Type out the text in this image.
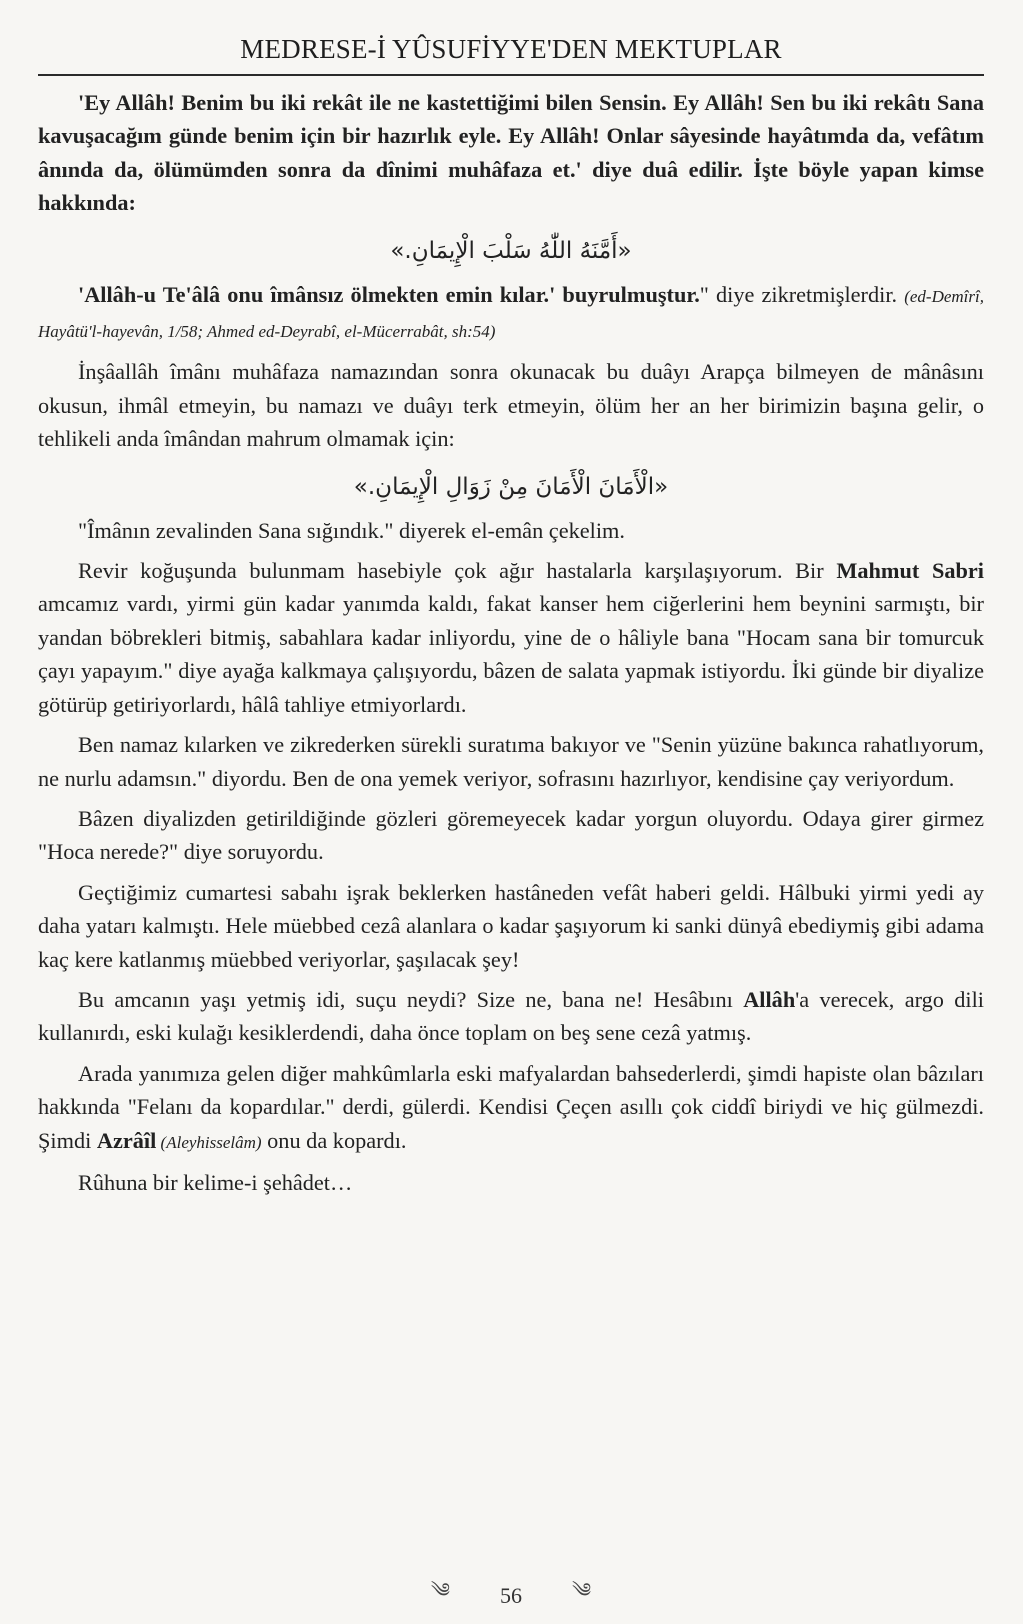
MEDRESE-İ YÛSUFİYYE'DEN MEKTUPLAR

'Ey Allâh! Benim bu iki rekât ile ne kastettiğimi bilen Sensin. Ey Allâh! Sen bu iki rekâtı Sana kavuşacağım günde benim için bir hazırlık eyle. Ey Allâh! Onlar sâyesinde hayâtımda da, vefâtım ânında da, ölümümden sonra da dînimi muhâfaza et.' diye duâ edilir. İşte böyle yapan kimse hakkında:

«أَمَّنَهُ اللّٰهُ سَلْبَ الْإِيمَانِ.»

'Allâh-u Te'âlâ onu îmânsız ölmekten emin kılar.' buyrulmuştur." diye zikretmişlerdir. (ed-Demîrî, Hayâtü'l-hayevân, 1/58; Ahmed ed-Deyrabî, el-Mücerrabât, sh:54)

İnşâallâh îmânı muhâfaza namazından sonra okunacak bu duâyı Arapça bilmeyen de mânâsını okusun, ihmâl etmeyin, bu namazı ve duâyı terk etmeyin, ölüm her an her birimizin başına gelir, o tehlikeli anda îmândan mahrum olmamak için:

«الْأَمَانَ الْأَمَانَ مِنْ زَوَالِ الْإِيمَانِ.»

"Îmânın zevalinden Sana sığındık." diyerek el-emân çekelim.

Revir koğuşunda bulunmam hasebiyle çok ağır hastalarla karşılaşıyorum. Bir Mahmut Sabri amcamız vardı, yirmi gün kadar yanımda kaldı, fakat kanser hem ciğerlerini hem beynini sarmıştı, bir yandan böbrekleri bitmiş, sabahlara kadar inliyordu, yine de o hâliyle bana "Hocam sana bir tomurcuk çayı yapayım." diye ayağa kalkmaya çalışıyordu, bâzen de salata yapmak istiyordu. İki günde bir diyalize götürüp getiriyorlardı, hâlâ tahliye etmiyorlardı.

Ben namaz kılarken ve zikrederken sürekli suratıma bakıyor ve "Senin yüzüne bakınca rahatlıyorum, ne nurlu adamsın." diyordu. Ben de ona yemek veriyor, sofrasını hazırlıyor, kendisine çay veriyordum.

Bâzen diyalizden getirildiğinde gözleri göremeyecek kadar yorgun oluyordu. Odaya girer girmez "Hoca nerede?" diye soruyordu.

Geçtiğimiz cumartesi sabahı işrak beklerken hastâneden vefât haberi geldi. Hâlbuki yirmi yedi ay daha yatarı kalmıştı. Hele müebbed cezâ alanlara o kadar şaşıyorum ki sanki dünyâ ebediymiş gibi adama kaç kere katlanmış müebbed veriyorlar, şaşılacak şey!

Bu amcanın yaşı yetmiş idi, suçu neydi? Size ne, bana ne! Hesâbını Allâh'a verecek, argo dili kullanırdı, eski kulağı kesiklerdendi, daha önce toplam on beş sene cezâ yatmış.

Arada yanımıza gelen diğer mahkûmlarla eski mafyalardan bahsederlerdi, şimdi hapiste olan bâzıları hakkında "Felanı da kopardılar." derdi, gülerdi. Kendisi Çeçen asıllı çok ciddî biriydi ve hiç gülmezdi. Şimdi Azrâîl (Aleyhisselâm) onu da kopardı.

Rûhuna bir kelime-i şehâdet…

༄ 56	༄
